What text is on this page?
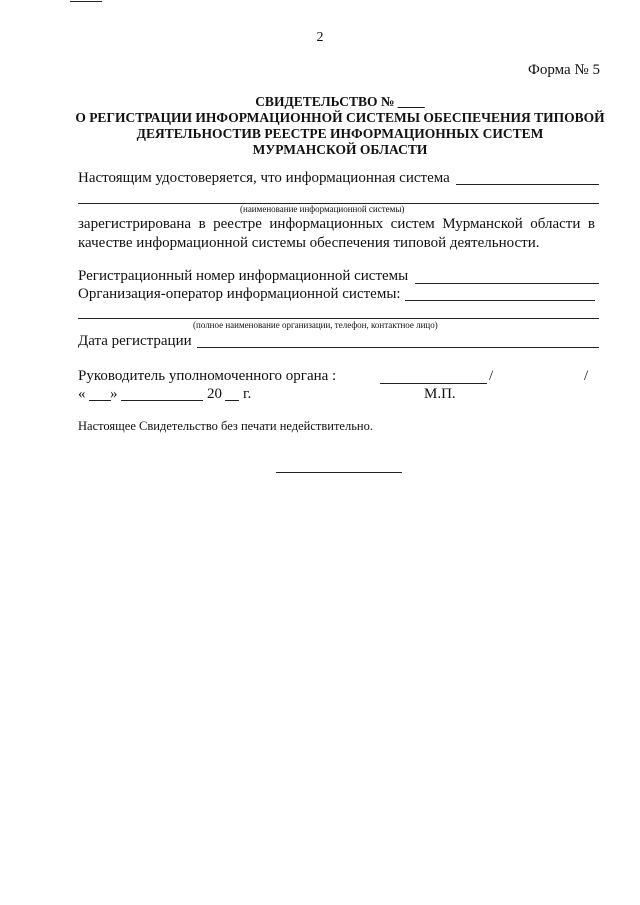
2
Форма № 5
СВИДЕТЕЛЬСТВО № ____
О РЕГИСТРАЦИИ ИНФОРМАЦИОННОЙ СИСТЕМЫ ОБЕСПЕЧЕНИЯ ТИПОВОЙ
ДЕЯТЕЛЬНОСТИВ РЕЕСТРЕ ИНФОРМАЦИОННЫХ СИСТЕМ
МУРМАНСКОЙ ОБЛАСТИ
Настоящим удостоверяется, что информационная система
(наименование информационной системы)
зарегистрирована  в  реестре  информационных  систем  Мурманской  области  в
качестве информационной системы обеспечения типовой деятельности.
Регистрационный номер информационной системы
Организация-оператор информационной системы:
(полное наименование организации, телефон, контактное лицо)
Дата регистрации
Руководитель уполномоченного органа :	/	/
« »	20 г.	М.П.
Настоящее Свидетельство без печати недействительно.
